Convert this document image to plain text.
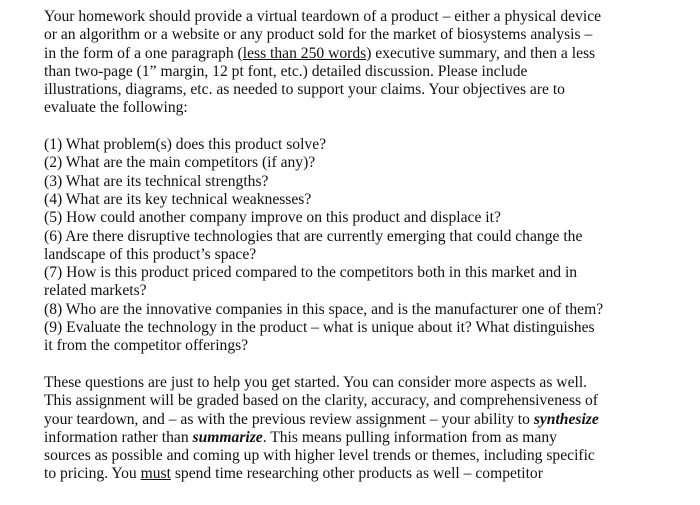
Your homework should provide a virtual teardown of a product – either a physical device
or an algorithm or a website or any product sold for the market of biosystems analysis –
in the form of a one paragraph (less than 250 words) executive summary, and then a less
than two-page (1” margin, 12 pt font, etc.) detailed discussion. Please include
illustrations, diagrams, etc. as needed to support your claims. Your objectives are to
evaluate the following:
(1) What problem(s) does this product solve?
(2) What are the main competitors (if any)?
(3) What are its technical strengths?
(4) What are its key technical weaknesses?
(5) How could another company improve on this product and displace it?
(6) Are there disruptive technologies that are currently emerging that could change the
landscape of this product’s space?
(7) How is this product priced compared to the competitors both in this market and in
related markets?
(8) Who are the innovative companies in this space, and is the manufacturer one of them?
(9) Evaluate the technology in the product – what is unique about it? What distinguishes
it from the competitor offerings?
These questions are just to help you get started. You can consider more aspects as well.
This assignment will be graded based on the clarity, accuracy, and comprehensiveness of
your teardown, and – as with the previous review assignment – your ability to synthesize
information rather than summarize. This means pulling information from as many
sources as possible and coming up with higher level trends or themes, including specific
to pricing. You must spend time researching other products as well – competitor
